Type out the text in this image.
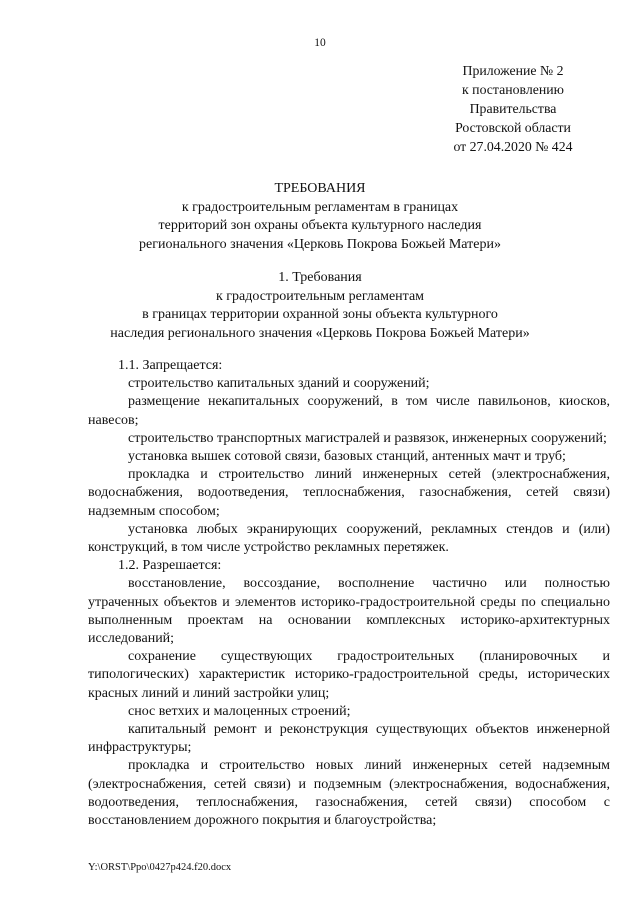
10
Приложение № 2
к постановлению
Правительства
Ростовской области
от 27.04.2020 № 424
ТРЕБОВАНИЯ
к градостроительным регламентам в границах
территорий зон охраны объекта культурного наследия
регионального значения «Церковь Покрова Божьей Матери»
1. Требования
к градостроительным регламентам
в границах территории охранной зоны объекта культурного
наследия регионального значения «Церковь Покрова Божьей Матери»

1.1. Запрещается:

строительство капитальных зданий и сооружений;

размещение некапитальных сооружений, в том числе павильонов, киосков, навесов;

строительство транспортных магистралей и развязок, инженерных сооружений;

установка вышек сотовой связи, базовых станций, антенных мачт и труб;

прокладка и строительство линий инженерных сетей (электроснабжения, водоснабжения, водоотведения, теплоснабжения, газоснабжения, сетей связи) надземным способом;

установка любых экранирующих сооружений, рекламных стендов и (или) конструкций, в том числе устройство рекламных перетяжек.

1.2. Разрешается:

восстановление, воссоздание, восполнение частично или полностью утраченных объектов и элементов историко-градостроительной среды по специально выполненным проектам на основании комплексных историко-архитектурных исследований;

сохранение существующих градостроительных (планировочных и типологических) характеристик историко-градостроительной среды, исторических красных линий и линий застройки улиц;

снос ветхих и малоценных строений;

капитальный ремонт и реконструкция существующих объектов инженерной инфраструктуры;

прокладка и строительство новых линий инженерных сетей надземным (электроснабжения, сетей связи) и подземным (электроснабжения, водоснабжения, водоотведения, теплоснабжения, газоснабжения, сетей связи) способом с восстановлением дорожного покрытия и благоустройства;

Y:\ORST\Ppo\0427p424.f20.docx
